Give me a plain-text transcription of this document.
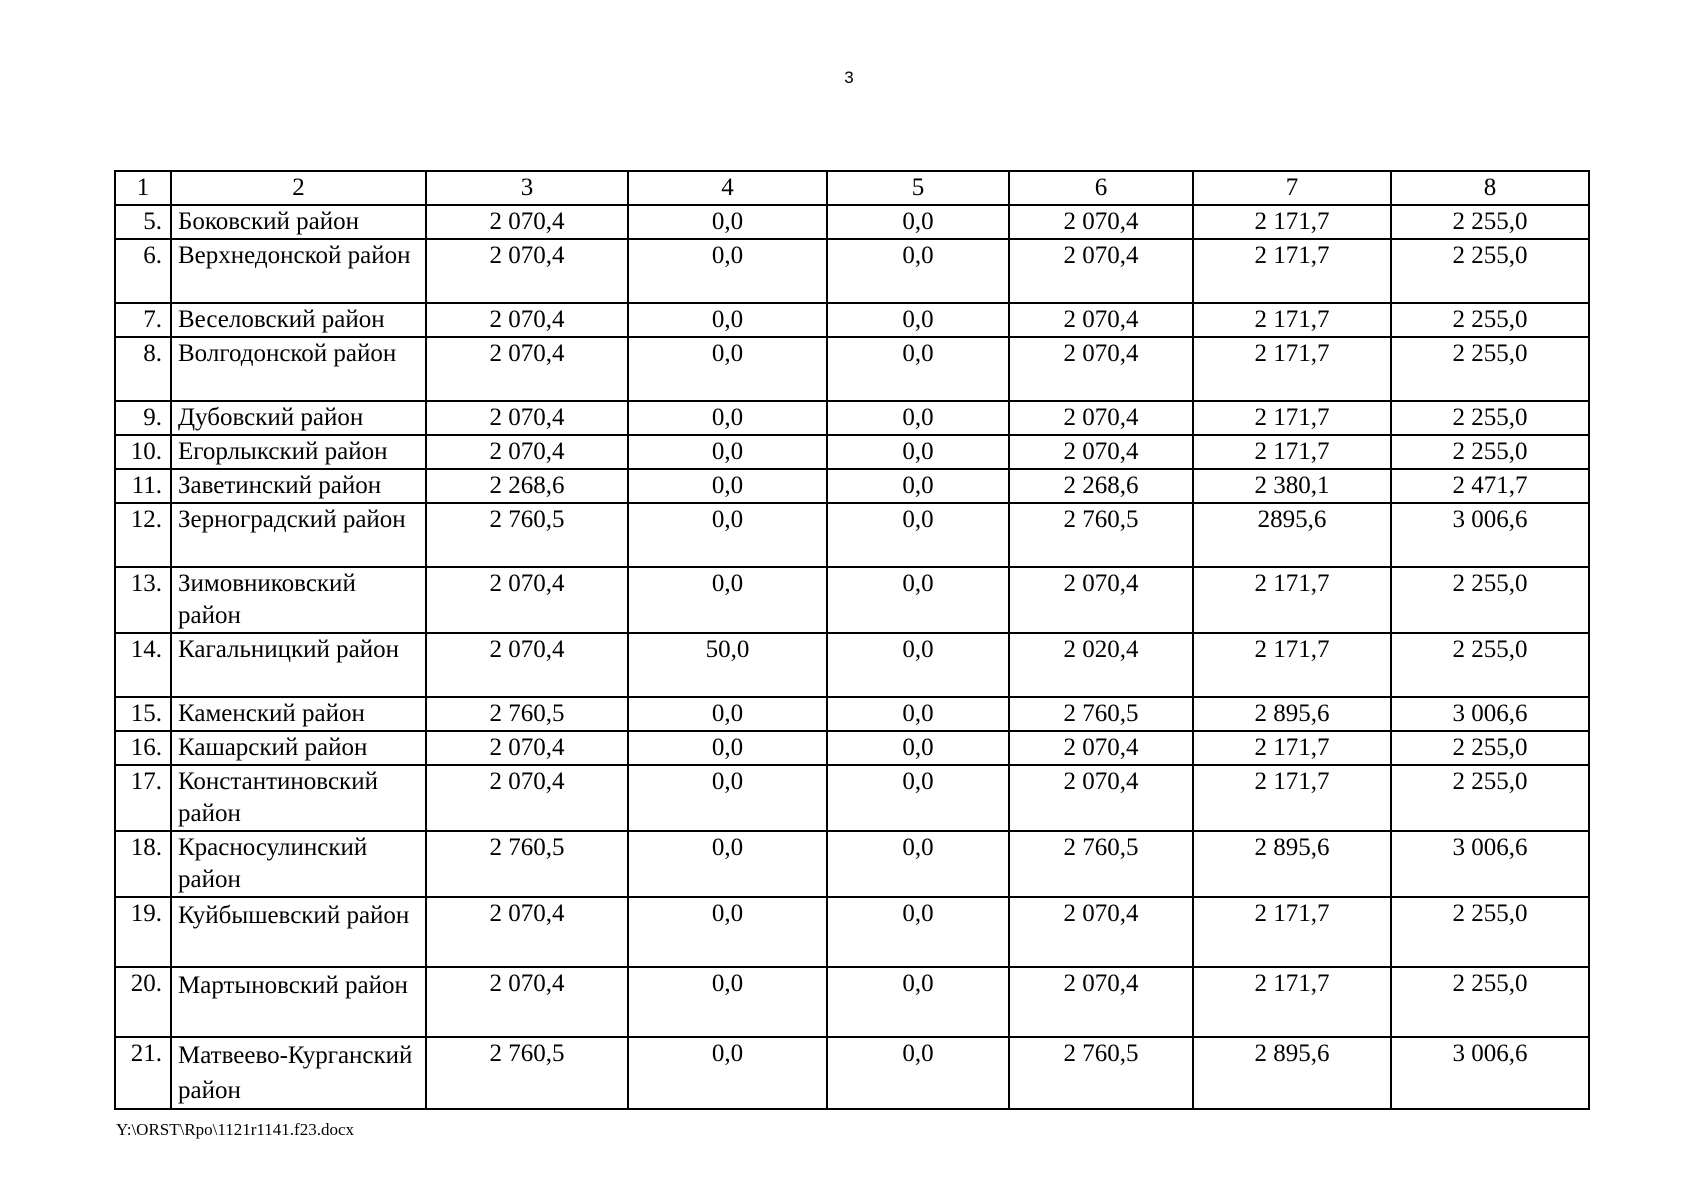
3
1	2	3	4	5	6	7	8
5.	Боковский район	2 070,4	0,0	0,0	2 070,4	2 171,7	2 255,0
6.	Верхнедонской район	2 070,4	0,0	0,0	2 070,4	2 171,7	2 255,0
7.	Веселовский район	2 070,4	0,0	0,0	2 070,4	2 171,7	2 255,0
8.	Волгодонской район	2 070,4	0,0	0,0	2 070,4	2 171,7	2 255,0
9.	Дубовский район	2 070,4	0,0	0,0	2 070,4	2 171,7	2 255,0
10.	Егорлыкский район	2 070,4	0,0	0,0	2 070,4	2 171,7	2 255,0
11.	Заветинский район	2 268,6	0,0	0,0	2 268,6	2 380,1	2 471,7
12.	Зерноградский район	2 760,5	0,0	0,0	2 760,5	2895,6	3 006,6
13.	Зимовниковский район	2 070,4	0,0	0,0	2 070,4	2 171,7	2 255,0
14.	Кагальницкий район	2 070,4	50,0	0,0	2 020,4	2 171,7	2 255,0
15.	Каменский район	2 760,5	0,0	0,0	2 760,5	2 895,6	3 006,6
16.	Кашарский район	2 070,4	0,0	0,0	2 070,4	2 171,7	2 255,0
17.	Константиновский район	2 070,4	0,0	0,0	2 070,4	2 171,7	2 255,0
18.	Красносулинский район	2 760,5	0,0	0,0	2 760,5	2 895,6	3 006,6
19.	Куйбышевский район	2 070,4	0,0	0,0	2 070,4	2 171,7	2 255,0
20.	Мартыновский район	2 070,4	0,0	0,0	2 070,4	2 171,7	2 255,0
21.	Матвеево-Курганский район	2 760,5	0,0	0,0	2 760,5	2 895,6	3 006,6
Y:\ORST\Rpo\1121r1141.f23.docx
